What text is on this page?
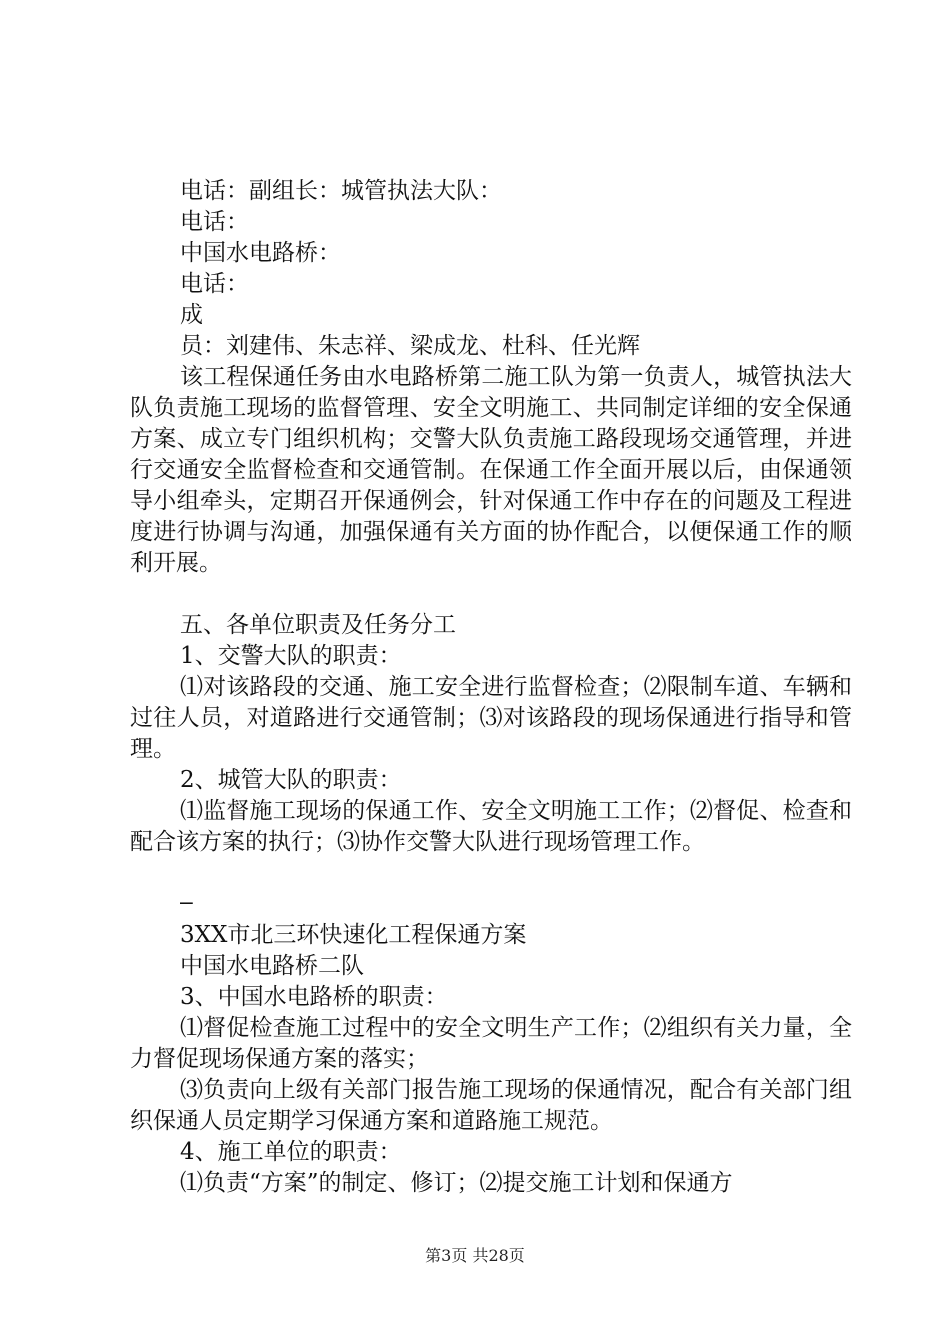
电话：副组长：城管执法大队：

电话：

中国水电路桥：

电话：

成

员：刘建伟、朱志祥、梁成龙、杜科、任光辉

该工程保通任务由水电路桥第二施工队为第一负责人，城管执法大队负责施工现场的监督管理、安全文明施工、共同制定详细的安全保通方案、成立专门组织机构；交警大队负责施工路段现场交通管理，并进行交通安全监督检查和交通管制。在保通工作全面开展以后，由保通领导小组牵头，定期召开保通例会，针对保通工作中存在的问题及工程进度进行协调与沟通，加强保通有关方面的协作配合，以便保通工作的顺利开展。

五、各单位职责及任务分工

1、交警大队的职责：

⑴对该路段的交通、施工安全进行监督检查；⑵限制车道、车辆和过往人员，对道路进行交通管制；⑶对该路段的现场保通进行指导和管理。

2、城管大队的职责：

⑴监督施工现场的保通工作、安全文明施工工作；⑵督促、检查和配合该方案的执行；⑶协作交警大队进行现场管理工作。

–

3XX市北三环快速化工程保通方案

中国水电路桥二队

3、中国水电路桥的职责：

⑴督促检查施工过程中的安全文明生产工作；⑵组织有关力量，全力督促现场保通方案的落实；

⑶负责向上级有关部门报告施工现场的保通情况，配合有关部门组织保通人员定期学习保通方案和道路施工规范。

4、施工单位的职责：

⑴负责“方案”的制定、修订；⑵提交施工计划和保通方

第3页 共28页
